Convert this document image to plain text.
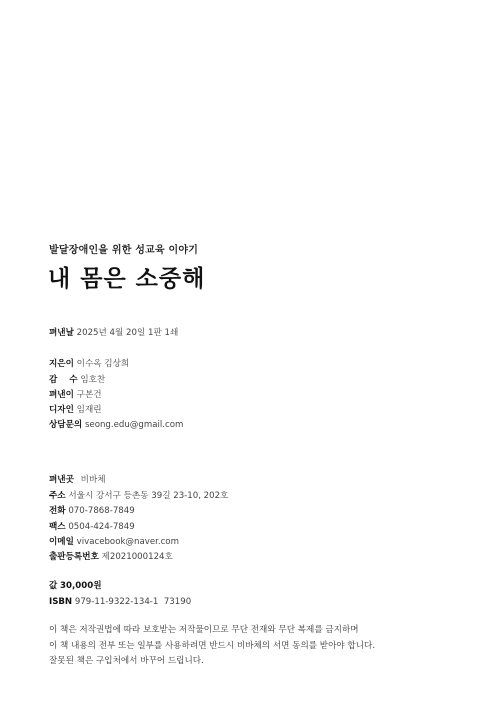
발달장애인을 위한 성교육 이야기
내 몸은 소중해
펴낸날 2025년 4월 20일 1판 1쇄
지은이 이수옥 김상희
감    수 임호찬
펴낸이 구본건
디자인 임재린
상담문의 seong.edu@gmail.com
펴낸곳 비바체
주소 서울시 강서구 등촌동 39길 23-10, 202호
전화 070-7868-7849
팩스 0504-424-7849
이메일 vivacebook@naver.com
출판등록번호 제2021000124호
값 30,000원
ISBN 979-11-9322-134-1  73190
이 책은 저작권법에 따라 보호받는 저작물이므로 무단 전재와 무단 복제를 금지하며
이 책 내용의 전부 또는 일부를 사용하려면 반드시 비바체의 서면 동의를 받아야 합니다.
잘못된 책은 구입처에서 바꾸어 드립니다.
